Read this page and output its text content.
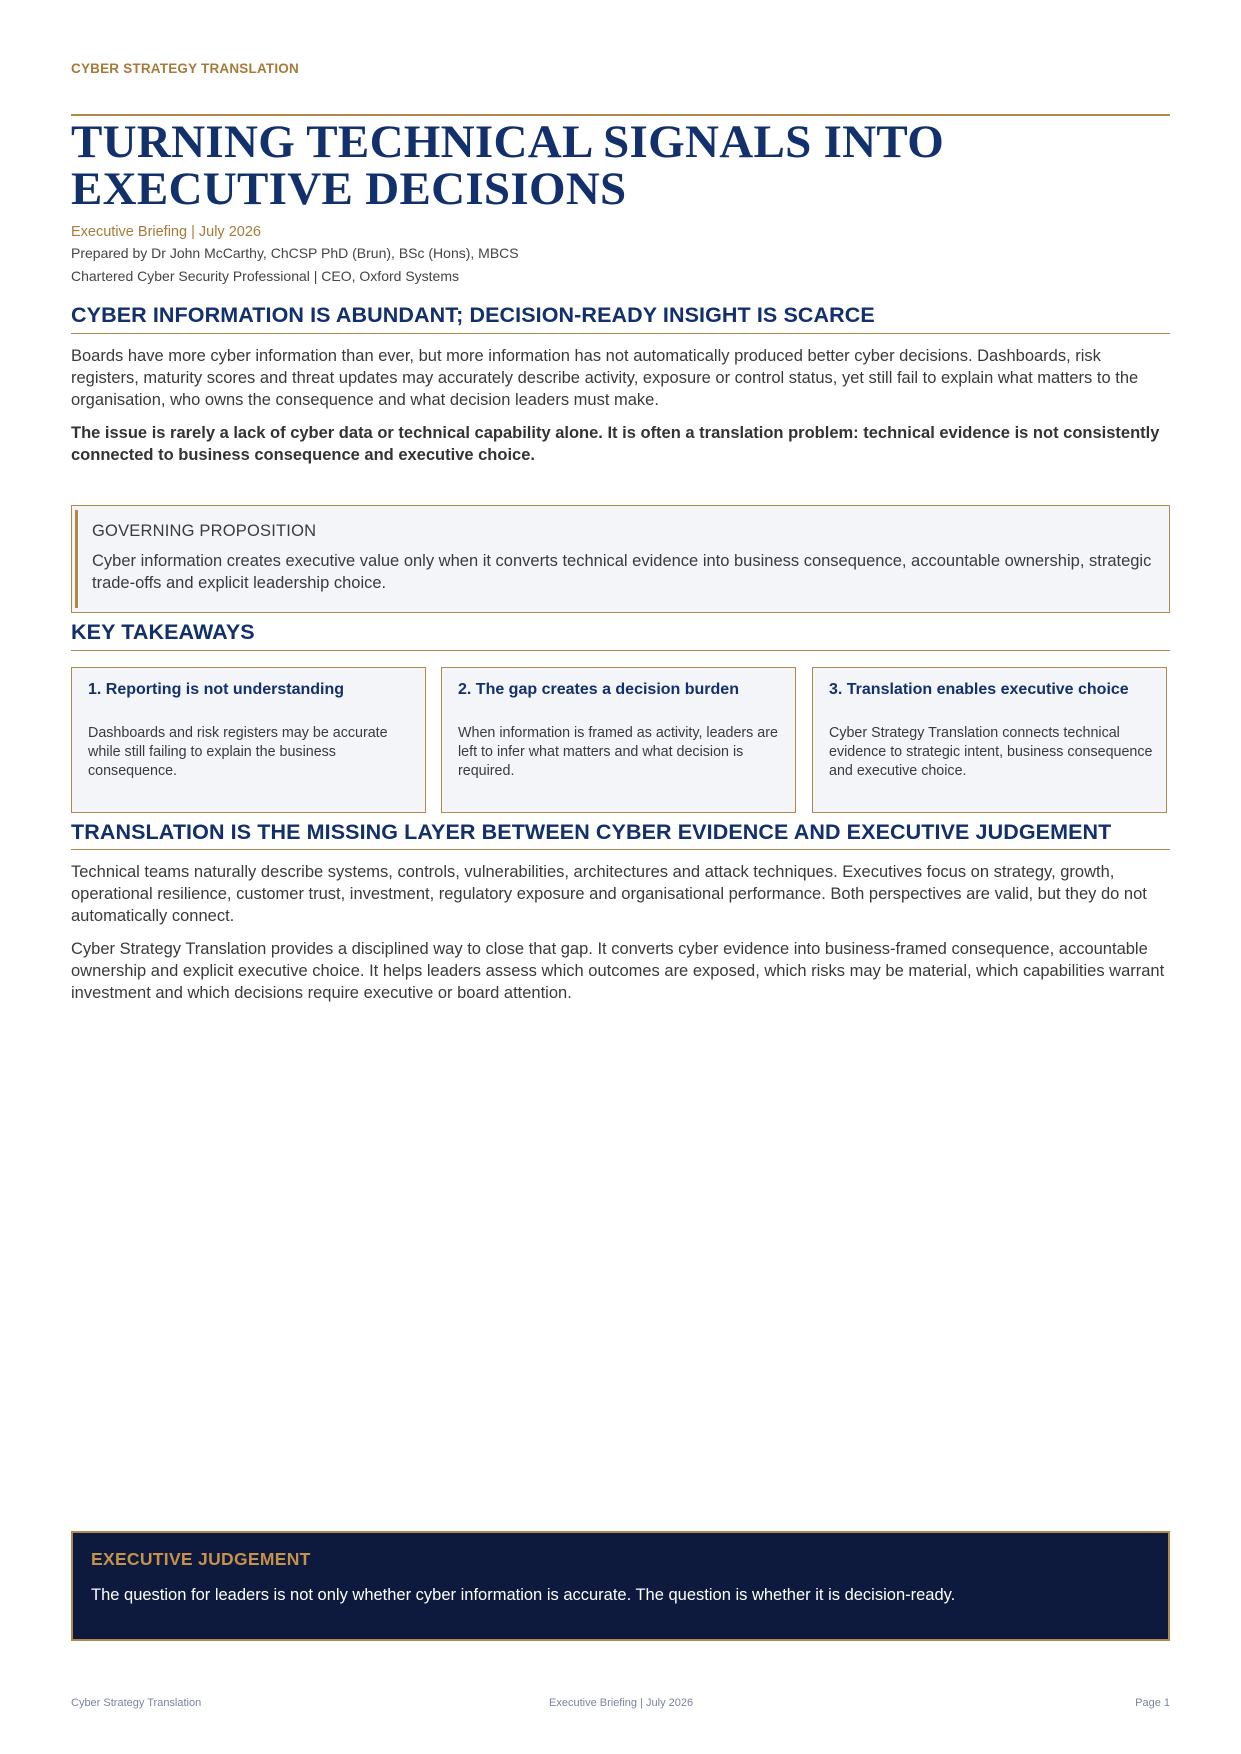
CYBER STRATEGY TRANSLATION
TURNING TECHNICAL SIGNALS INTO
EXECUTIVE DECISIONS
Executive Briefing | July 2026
Prepared by Dr John McCarthy, ChCSP PhD (Brun), BSc (Hons), MBCS
Chartered Cyber Security Professional | CEO, Oxford Systems
CYBER INFORMATION IS ABUNDANT; DECISION-READY INSIGHT IS SCARCE

Boards have more cyber information than ever, but more information has not automatically produced better cyber decisions. Dashboards, risk registers, maturity scores and threat updates may accurately describe activity, exposure or control status, yet still fail to explain what matters to the organisation, who owns the consequence and what decision leaders must make.

The issue is rarely a lack of cyber data or technical capability alone. It is often a translation problem: technical evidence is not consistently connected to business consequence and executive choice.

GOVERNING PROPOSITION
Cyber information creates executive value only when it converts technical evidence into business consequence, accountable ownership, strategic trade-offs and explicit leadership choice.
KEY TAKEAWAYS
1. Reporting is not understanding
Dashboards and risk registers may be accurate while still failing to explain the business consequence.
2. The gap creates a decision burden
When information is framed as activity, leaders are left to infer what matters and what decision is required.
3. Translation enables executive choice
Cyber Strategy Translation connects technical evidence to strategic intent, business consequence and executive choice.
TRANSLATION IS THE MISSING LAYER BETWEEN CYBER EVIDENCE AND EXECUTIVE JUDGEMENT

Technical teams naturally describe systems, controls, vulnerabilities, architectures and attack techniques. Executives focus on strategy, growth, operational resilience, customer trust, investment, regulatory exposure and organisational performance. Both perspectives are valid, but they do not automatically connect.

Cyber Strategy Translation provides a disciplined way to close that gap. It converts cyber evidence into business-framed consequence, accountable ownership and explicit executive choice. It helps leaders assess which outcomes are exposed, which risks may be material, which capabilities warrant investment and which decisions require executive or board attention.

EXECUTIVE JUDGEMENT
The question for leaders is not only whether cyber information is accurate. The question is whether it is decision-ready.
Cyber Strategy Translation	Executive Briefing | July 2026	Page 1
